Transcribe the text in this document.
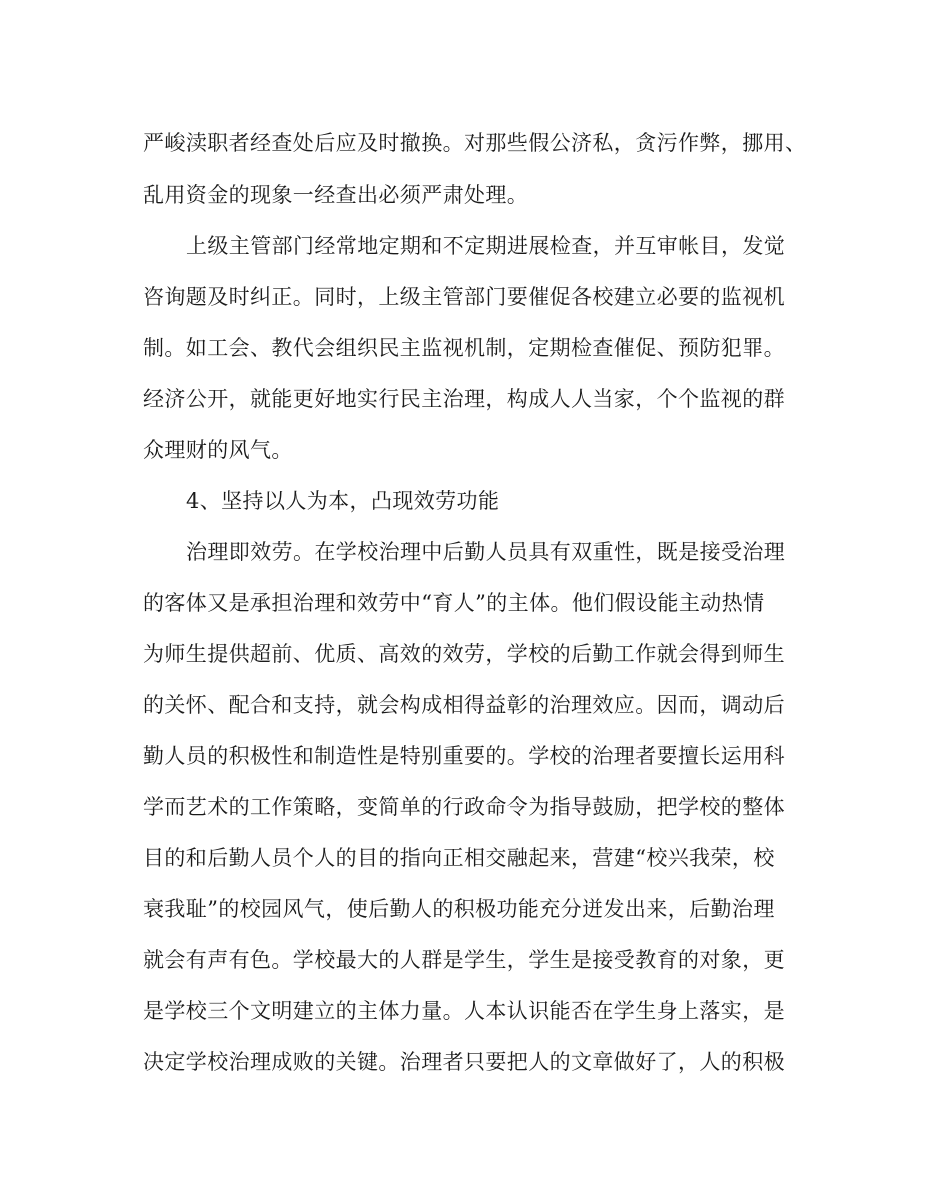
严峻渎职者经查处后应及时撤换。对那些假公济私，贪污作弊，挪用、
乱用资金的现象一经查出必须严肃处理。
上级主管部门经常地定期和不定期进展检查，并互审帐目，发觉
咨询题及时纠正。同时，上级主管部门要催促各校建立必要的监视机
制。如工会、教代会组织民主监视机制，定期检查催促、预防犯罪。
经济公开，就能更好地实行民主治理，构成人人当家，个个监视的群
众理财的风气。
4、坚持以人为本，凸现效劳功能
治理即效劳。在学校治理中后勤人员具有双重性，既是接受治理
的客体又是承担治理和效劳中“育人”的主体。他们假设能主动热情
为师生提供超前、优质、高效的效劳，学校的后勤工作就会得到师生
的关怀、配合和支持，就会构成相得益彰的治理效应。因而，调动后
勤人员的积极性和制造性是特别重要的。学校的治理者要擅长运用科
学而艺术的工作策略，变简单的行政命令为指导鼓励，把学校的整体
目的和后勤人员个人的目的指向正相交融起来，营建“校兴我荣，校
衰我耻”的校园风气，使后勤人的积极功能充分迸发出来，后勤治理
就会有声有色。学校最大的人群是学生，学生是接受教育的对象，更
是学校三个文明建立的主体力量。人本认识能否在学生身上落实，是
决定学校治理成败的关键。治理者只要把人的文章做好了，人的积极
